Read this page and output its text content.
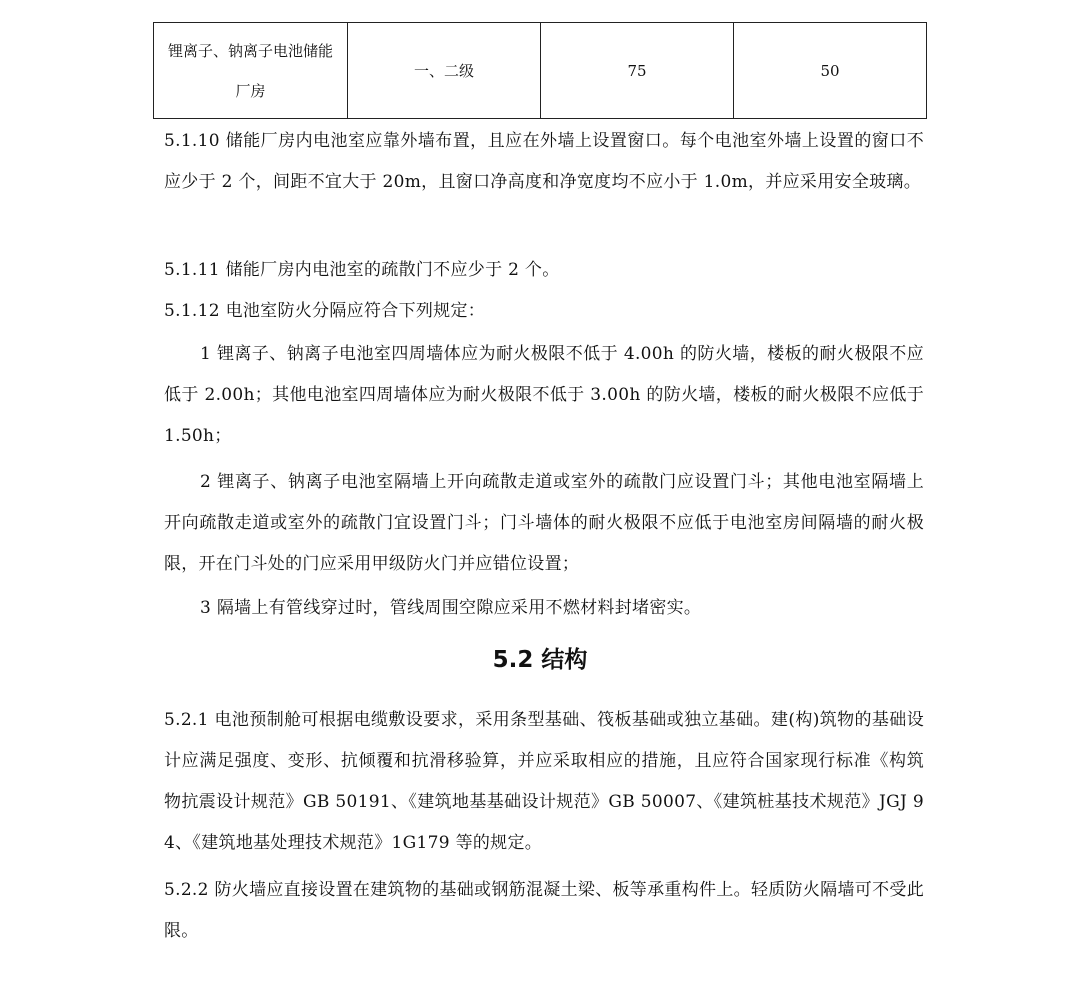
锂离子、钠离子电池储能厂房	一、二级	75	50

5.1.10 储能厂房内电池室应靠外墙布置，且应在外墙上设置窗口。每个电池室外墙上设置的窗口不应少于 2 个，间距不宜大于 20m，且窗口净高度和净宽度均不应小于 1.0m，并应采用安全玻璃。

5.1.11 储能厂房内电池室的疏散门不应少于 2 个。

5.1.12 电池室防火分隔应符合下列规定：

1 锂离子、钠离子电池室四周墙体应为耐火极限不低于 4.00h 的防火墙，楼板的耐火极限不应低于 2.00h；其他电池室四周墙体应为耐火极限不低于 3.00h 的防火墙，楼板的耐火极限不应低于 1.50h；

2 锂离子、钠离子电池室隔墙上开向疏散走道或室外的疏散门应设置门斗；其他电池室隔墙上开向疏散走道或室外的疏散门宜设置门斗；门斗墙体的耐火极限不应低于电池室房间隔墙的耐火极限，开在门斗处的门应采用甲级防火门并应错位设置；

3 隔墙上有管线穿过时，管线周围空隙应采用不燃材料封堵密实。

5.2 结构

5.2.1 电池预制舱可根据电缆敷设要求，采用条型基础、筏板基础或独立基础。建(构)筑物的基础设计应满足强度、变形、抗倾覆和抗滑移验算，并应采取相应的措施，且应符合国家现行标准《构筑物抗震设计规范》GB 50191、《建筑地基基础设计规范》GB 50007、《建筑桩基技术规范》JGJ 94、《建筑地基处理技术规范》1G179 等的规定。

5.2.2 防火墙应直接设置在建筑物的基础或钢筋混凝土梁、板等承重构件上。轻质防火隔墙可不受此限。
